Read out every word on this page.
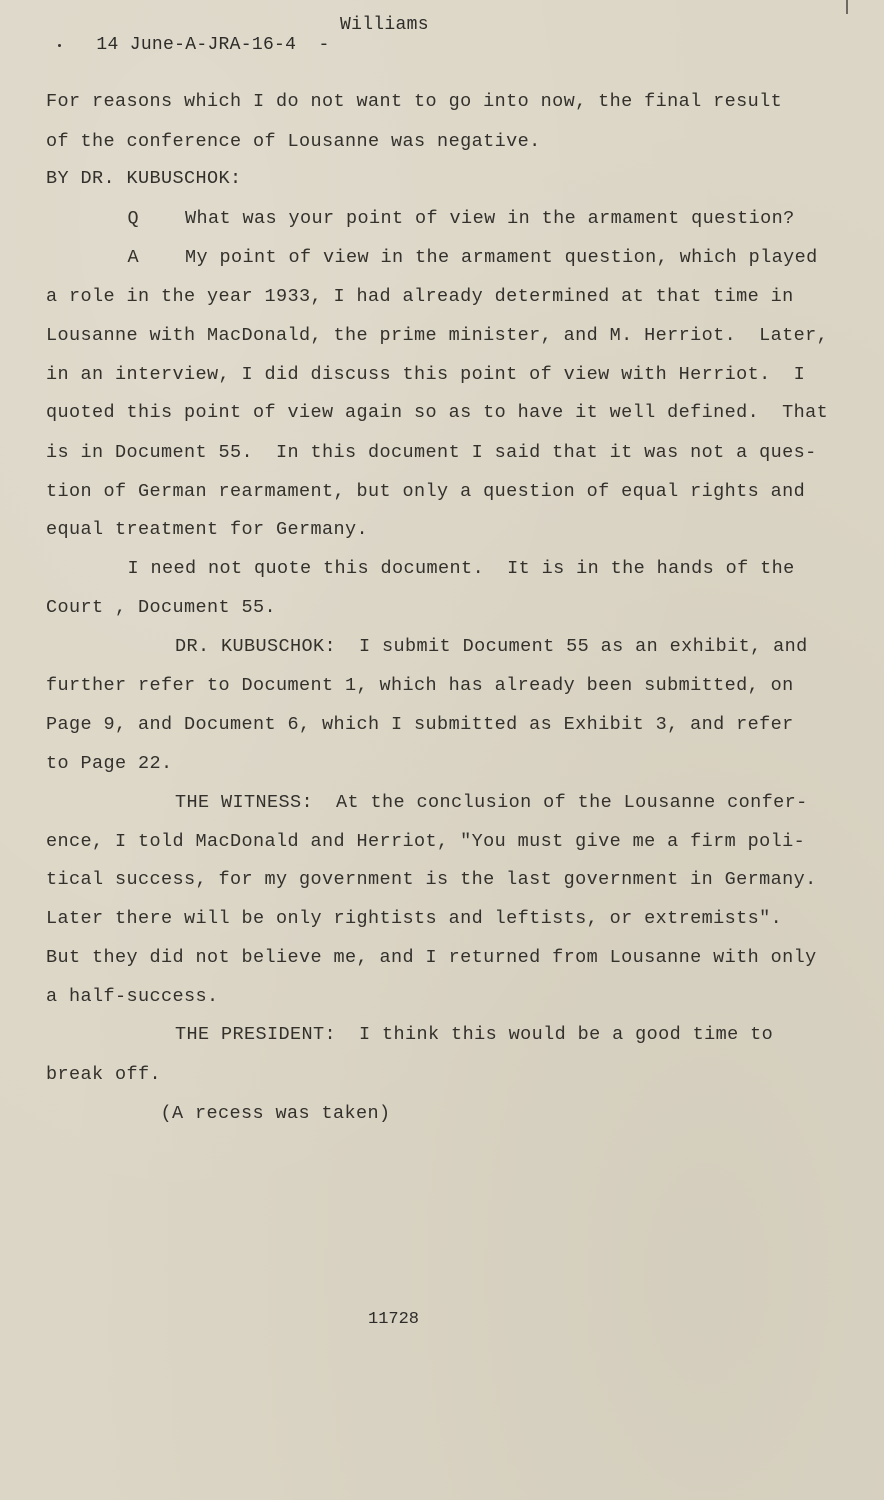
14 June-A-JRA-16-4  -

Williams

For reasons which I do not want to go into now, the final result
of the conference of Lousanne was negative.
BY DR. KUBUSCHOK:
Q    What was your point of view in the armament question?
A    My point of view in the armament question, which played
a role in the year 1933, I had already determined at that time in
Lousanne with MacDonald, the prime minister, and M. Herriot.  Later,
in an interview, I did discuss this point of view with Herriot.  I
quoted this point of view again so as to have it well defined.  That
is in Document 55.  In this document I said that it was not a ques-
tion of German rearmament, but only a question of equal rights and
equal treatment for Germany.
I need not quote this document.  It is in the hands of the
Court , Document 55.
DR. KUBUSCHOK:  I submit Document 55 as an exhibit, and
further refer to Document 1, which has already been submitted, on
Page 9, and Document 6, which I submitted as Exhibit 3, and refer
to Page 22.
THE WITNESS:  At the conclusion of the Lousanne confer-
ence, I told MacDonald and Herriot, "You must give me a firm poli-
tical success, for my government is the last government in Germany.
Later there will be only rightists and leftists, or extremists".
But they did not believe me, and I returned from Lousanne with only
a half-success.
THE PRESIDENT:  I think this would be a good time to
break off.
(A recess was taken)
11728
